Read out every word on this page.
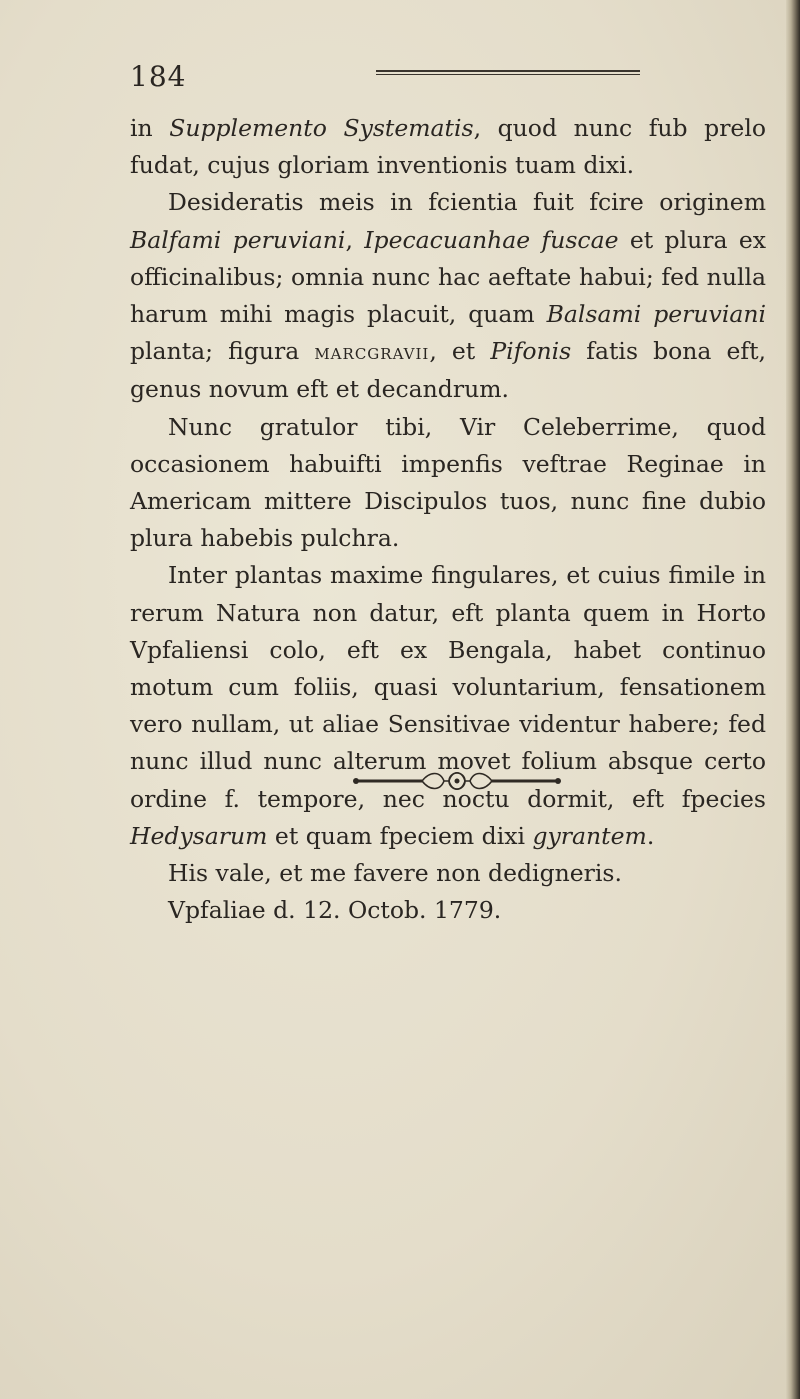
184

in Supplemento Systematis, quod nunc fub prelo fudat, cujus gloriam inventionis tuam dixi.

Desideratis meis in fcientia fuit fcire originem Balfami peruviani, Ipecacuanhae fuscae et plura ex officinalibus; omnia nunc hac aeftate habui; fed nulla harum mihi magis placuit, quam Balsami peruviani planta; figura marcgravii, et Pifonis fatis bona eft, genus novum eft et decandrum.

Nunc gratulor tibi, Vir Celeberrime, quod occasionem habuifti impenfis veftrae Reginae in Americam mittere Discipulos tuos, nunc fine dubio plura habebis pulchra.

Inter plantas maxime fingulares, et cuius fimile in rerum Natura non datur, eft planta quem in Horto Vpfaliensi colo, eft ex Bengala, habet continuo motum cum foliis, quasi voluntarium, fensationem vero nullam, ut aliae Sensitivae videntur habere; fed nunc illud nunc alterum movet folium absque certo ordine f. tempore, nec noctu dormit, eft fpecies Hedysarum et quam fpeciem dixi gyrantem.

His vale, et me favere non dedigneris.

Vpfaliae d. 12. Octob. 1779.
